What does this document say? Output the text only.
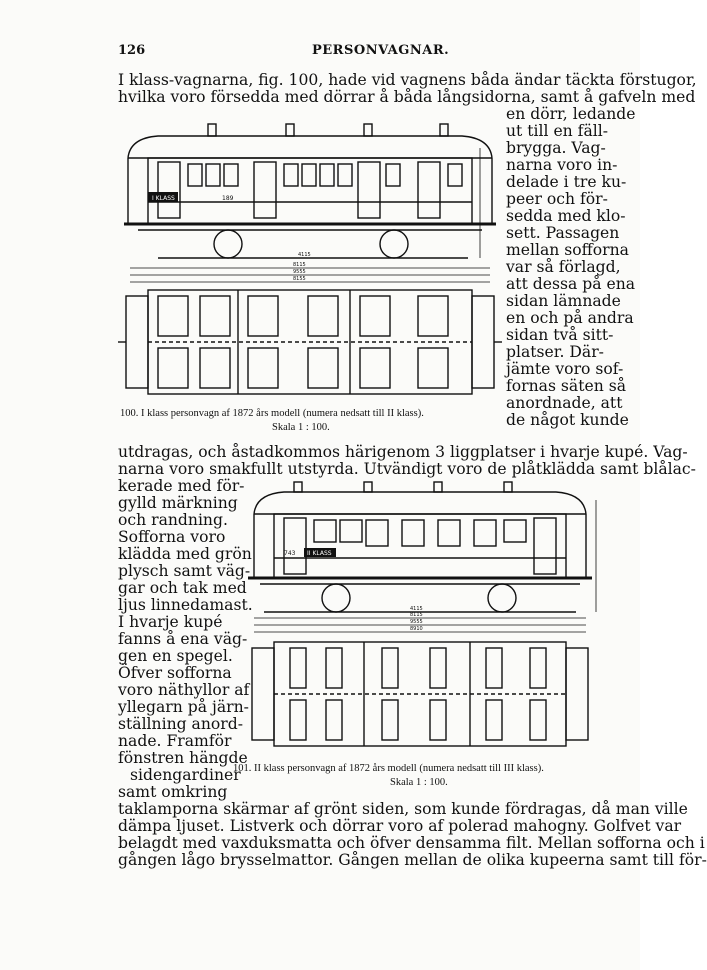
126	PERSONVAGNAR.
I klass-vagnarna, fig. 100, hade vid vagnens båda ändar täckta förstugor,
hvilka voro försedda med dörrar å båda långsidorna, samt å gafveln med
en dörr, ledande
ut till en fäll-
brygga. Vag-
narna voro in-
delade i tre ku-
peer och för-
sedda med klo-
sett. Passagen
mellan sofforna
var så förlagd,
att dessa på ena
sidan lämnade
en och på andra
sidan två sitt-
platser. Där-
jämte voro sof-
fornas säten så
anordnade, att
de något kunde
I KLASS	189
8115
9555
8155
4115
100. I klass personvagn af 1872 års modell (numera nedsatt till II klass).
Skala 1 : 100.
utdragas, och åstadkommos härigenom 3 liggplatser i hvarje kupé. Vag-
narna voro smakfullt utstyrda. Utvändigt voro de plåtklädda samt blålac-
kerade med för-
gylld märkning
och randning.
Sofforna voro
klädda med grön
plysch samt väg-
gar och tak med
ljus linnedamast.
I hvarje kupé
fanns å ena väg-
gen en spegel.
Öfver sofforna
voro näthyllor af
yllegarn på järn-
ställning anord-
nade. Framför
fönstren hängde
sidengardiner
samt omkring
II KLASS
743
8115
9555
8910
4115
101. II klass personvagn af 1872 års modell (numera nedsatt till III klass).
Skala 1 : 100.
taklamporna skärmar af grönt siden, som kunde fördragas, då man ville
dämpa ljuset. Listverk och dörrar voro af polerad mahogny. Golfvet var
belagdt med vaxduksmatta och öfver densamma filt. Mellan sofforna och i
gången lågo brysselmattor. Gången mellan de olika kupeerna samt till för-
